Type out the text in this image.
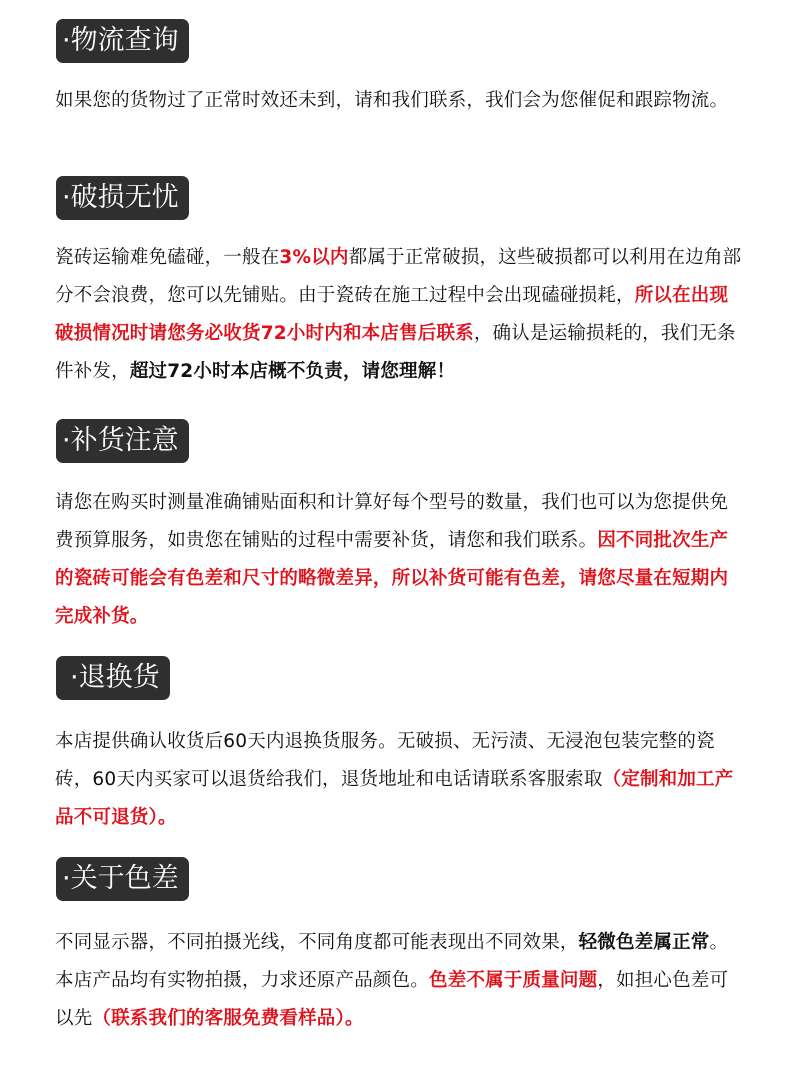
·物流查询
如果您的货物过了正常时效还未到，请和我们联系，我们会为您催促和跟踪物流。
·破损无忧
瓷砖运输难免磕碰，一般在3%以内都属于正常破损，这些破损都可以利用在边角部分不会浪费，您可以先铺贴。由于瓷砖在施工过程中会出现磕碰损耗，所以在出现破损情况时请您务必收货72小时内和本店售后联系，确认是运输损耗的，我们无条件补发，超过72小时本店概不负责，请您理解！
·补货注意
请您在购买时测量准确铺贴面积和计算好每个型号的数量，我们也可以为您提供免费预算服务，如贵您在铺贴的过程中需要补货，请您和我们联系。因不同批次生产的瓷砖可能会有色差和尺寸的略微差异，所以补货可能有色差，请您尽量在短期内完成补货。
·退换货
本店提供确认收货后60天内退换货服务。无破损、无污渍、无浸泡包装完整的瓷砖，60天内买家可以退货给我们，退货地址和电话请联系客服索取（定制和加工产品不可退货）。
·关于色差
不同显示器，不同拍摄光线，不同角度都可能表现出不同效果，轻微色差属正常。本店产品均有实物拍摄，力求还原产品颜色。色差不属于质量问题，如担心色差可以先（联系我们的客服免费看样品）。
